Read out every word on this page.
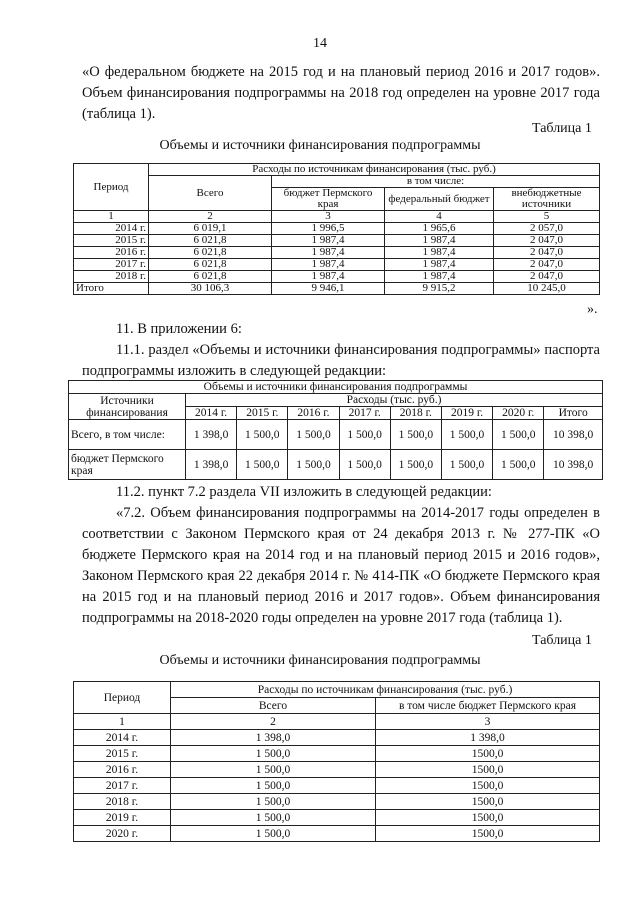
14
«О федеральном бюджете на 2015 год и на плановый период 2016 и 2017 годов». Объем финансирования подпрограммы на 2018 год определен на уровне 2017 года (таблица 1).
Таблица 1
Объемы и источники финансирования подпрограммы
Период	Расходы по источникам финансирования (тыс. руб.)			
	Всего	в том числе:		
		бюджет Пермского края	федеральный бюджет	внебюджетные источники
1	2	3	4	5
2014 г.	6 019,1	1 996,5	1 965,6	2 057,0
2015 г.	6 021,8	1 987,4	1 987,4	2 047,0
2016 г.	6 021,8	1 987,4	1 987,4	2 047,0
2017 г.	6 021,8	1 987,4	1 987,4	2 047,0
2018 г.	6 021,8	1 987,4	1 987,4	2 047,0
Итого	30 106,3	9 946,1	9 915,2	10 245,0
».
11. В приложении 6:
11.1. раздел «Объемы и источники финансирования подпрограммы» паспорта подпрограммы изложить в следующей редакции:
Объемы и источники финансирования подпрограммы								
Источники финансирования	Расходы (тыс. руб.)							
	2014 г.	2015 г.	2016 г.	2017 г.	2018 г.	2019 г.	2020 г.	Итого
Всего, в том числе:	1 398,0	1 500,0	1 500,0	1 500,0	1 500,0	1 500,0	1 500,0	10 398,0
бюджет Пермского края	1 398,0	1 500,0	1 500,0	1 500,0	1 500,0	1 500,0	1 500,0	10 398,0
11.2. пункт 7.2 раздела VII изложить в следующей редакции:
«7.2. Объем финансирования подпрограммы на 2014-2017 годы определен в соответствии с Законом Пермского края от 24 декабря 2013 г. № 277-ПК «О бюджете Пермского края на 2014 год и на плановый период 2015 и 2016 годов», Законом Пермского края 22 декабря 2014 г. № 414-ПК «О бюджете Пермского края на 2015 год и на плановый период 2016 и 2017 годов». Объем финансирования подпрограммы на 2018-2020 годы определен на уровне 2017 года (таблица 1).
Таблица 1
Объемы и источники финансирования подпрограммы
Период	Расходы по источникам финансирования (тыс. руб.)	
	Всего	в том числе бюджет Пермского края
1	2	3
2014 г.	1 398,0	1 398,0
2015 г.	1 500,0	1500,0
2016 г.	1 500,0	1500,0
2017 г.	1 500,0	1500,0
2018 г.	1 500,0	1500,0
2019 г.	1 500,0	1500,0
2020 г.	1 500,0	1500,0
